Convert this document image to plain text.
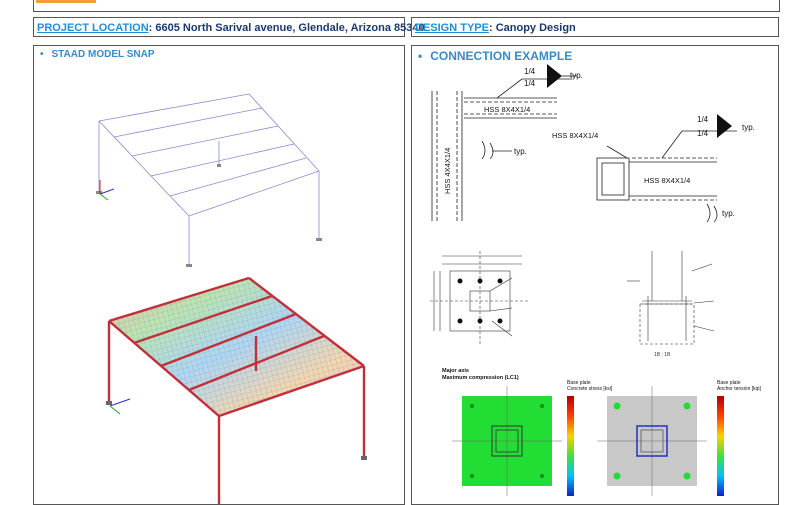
PROJECT LOCATION: 6605 North Sarival avenue, Glendale, Arizona 85340
DESIGN TYPE: Canopy Design
• STAAD MODEL SNAP	• CONNECTION EXAMPLE
1/4
1/4
typ.
HSS 8X4X1/4
HSS 4X4X1/4	typ.
HSS 8X4X1/4
1/4
1/4
typ.
HSS 8X4X1/4
typ.
1B : 1B
Major axis
Maximum compression (LC1)
Base plate
Concrete stress [ksi]
Base plate
Anchor tension [kip]
